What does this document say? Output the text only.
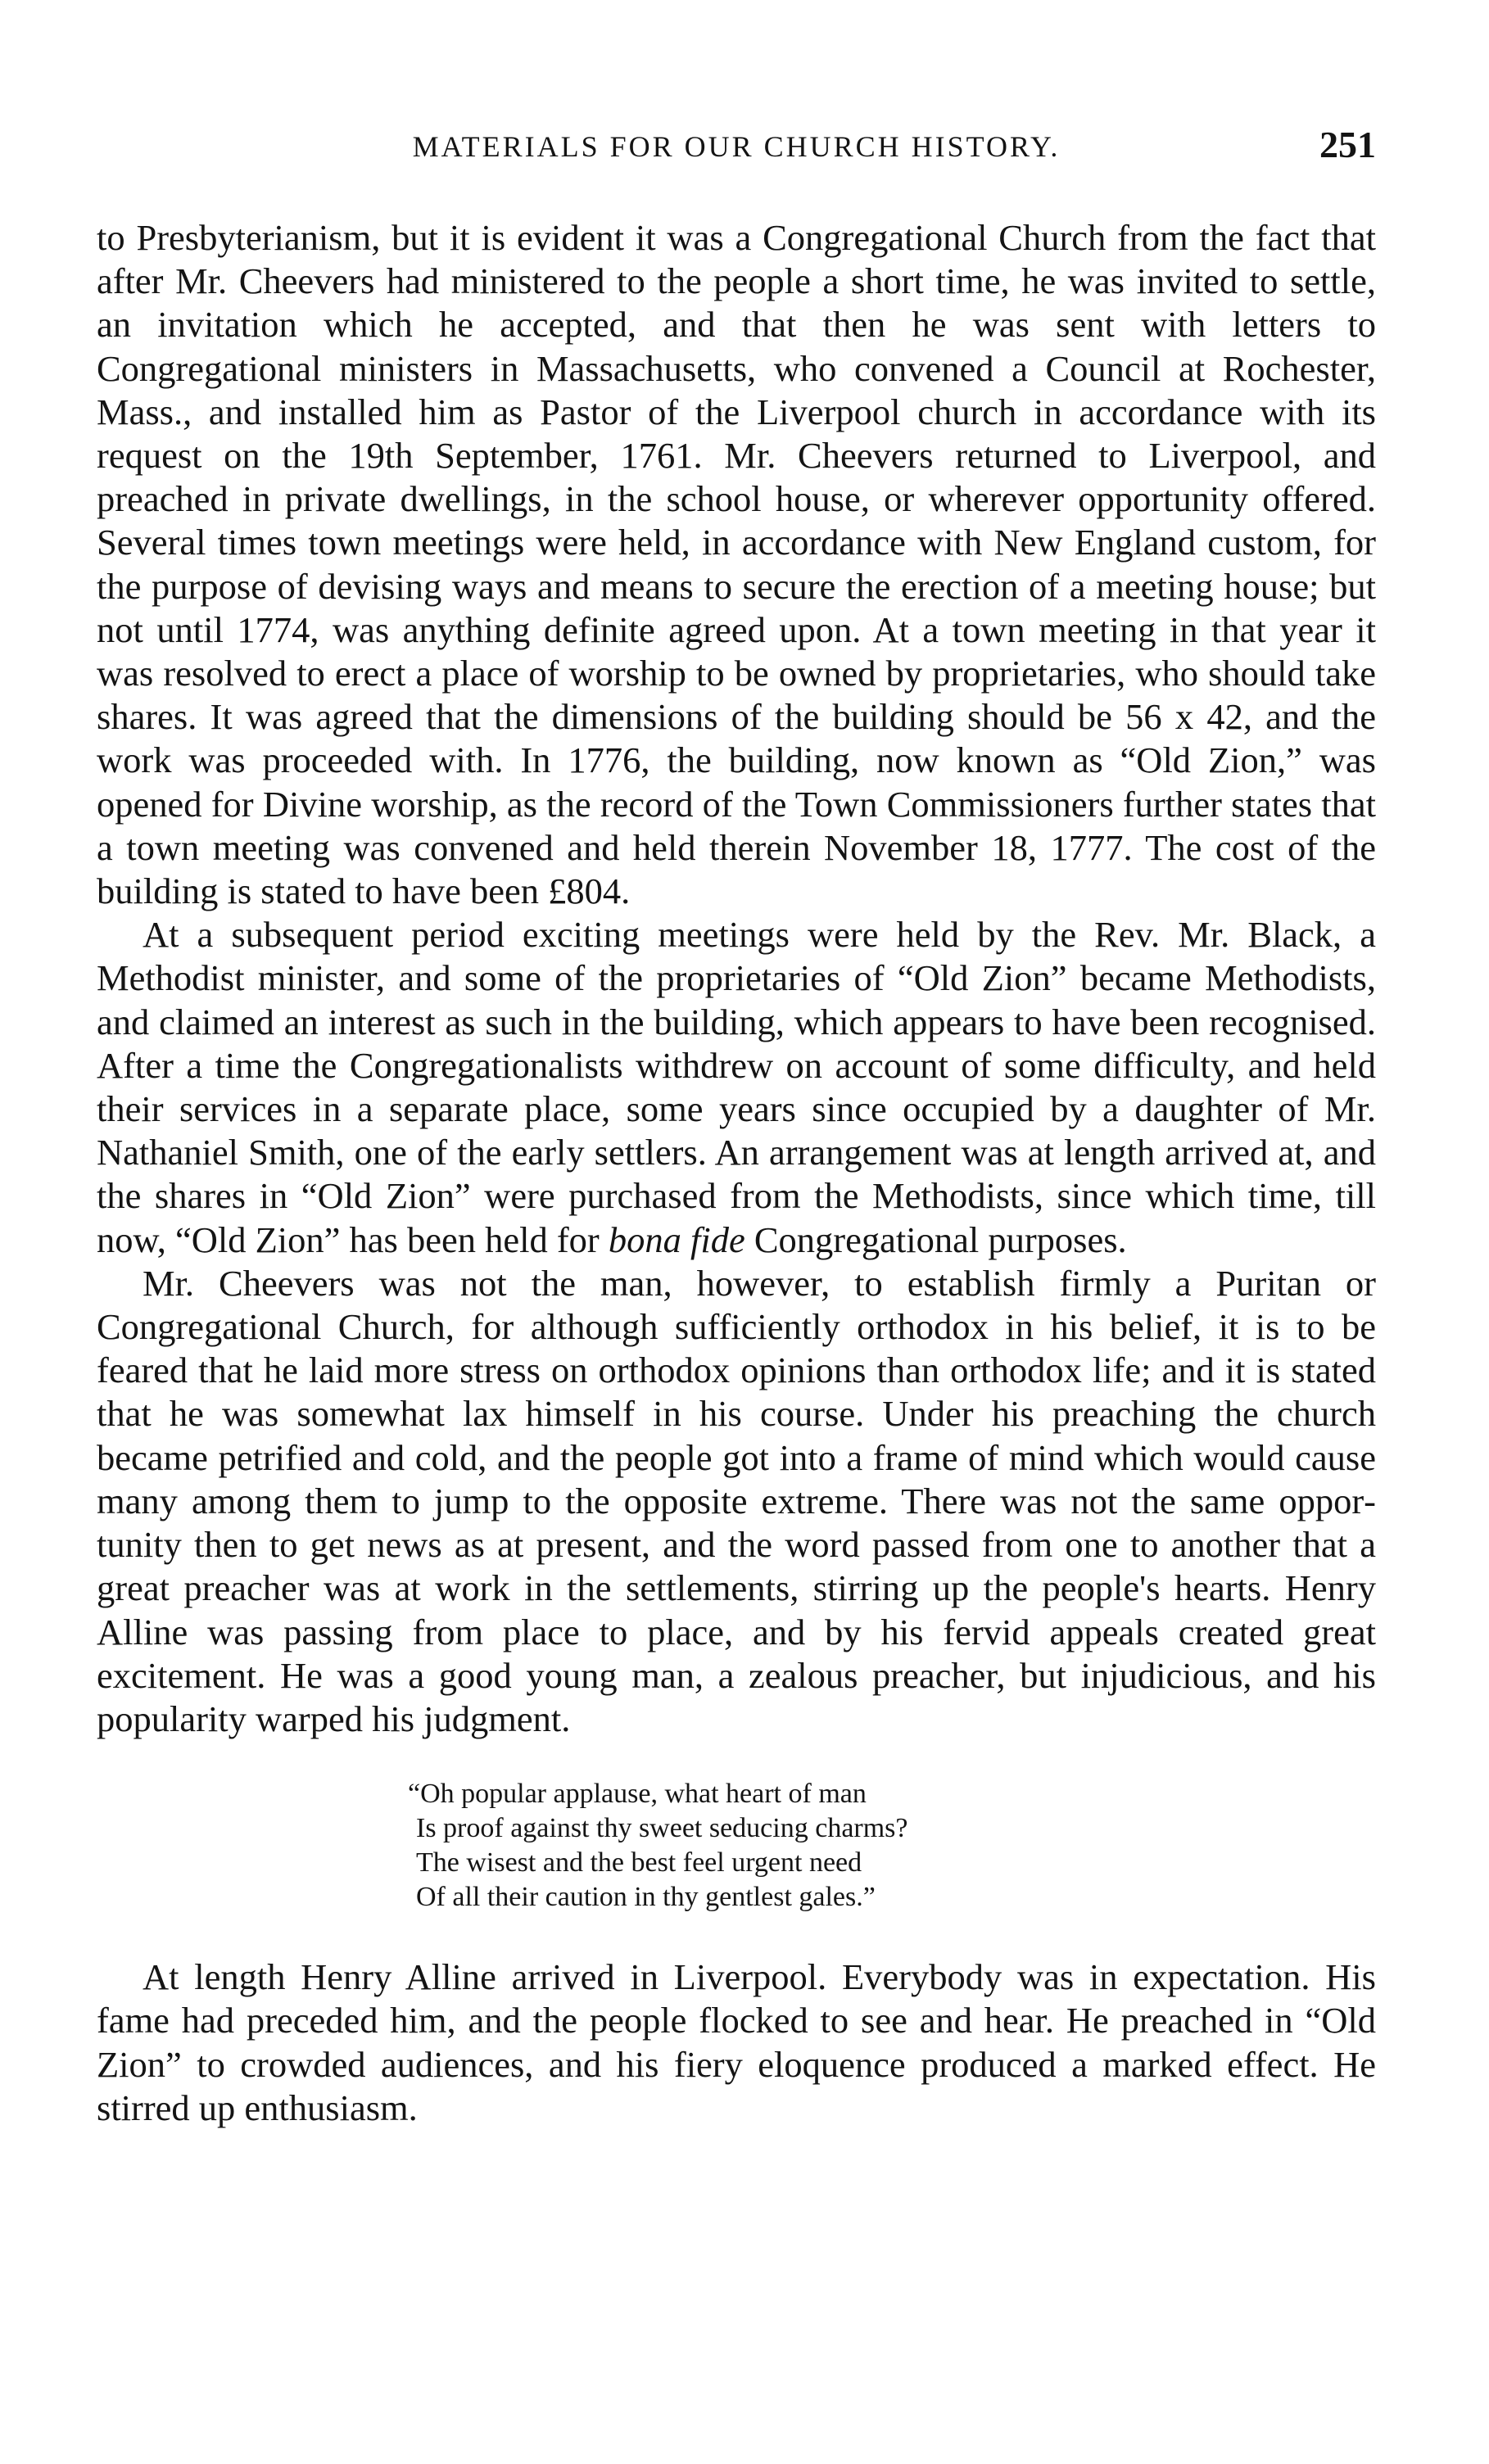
MATERIALS FOR OUR CHURCH HISTORY.	251

to Presbyterianism, but it is evident it was a Congregational Church from the fact that after Mr. Cheevers had ministered to the people a short time, he was invited to settle, an invitation which he accepted, and that then he was sent with letters to Congregational ministers in Massachusetts, who convened a Council at Rochester, Mass., and installed him as Pastor of the Liverpool church in accordance with its request on the 19th September, 1761. Mr. Cheevers returned to Liverpool, and preached in private dwellings, in the school house, or wherever opportunity offered. Several times town meetings were held, in accordance with New England custom, for the purpose of devising ways and means to secure the erection of a meeting house; but not until 1774, was anything definite agreed upon. At a town meeting in that year it was resolved to erect a place of worship to be owned by proprietaries, who should take shares. It was agreed that the dimensions of the building should be 56 x 42, and the work was proceeded with. In 1776, the building, now known as “Old Zion,” was opened for Divine worship, as the record of the Town Commissioners further states that a town meeting was convened and held therein November 18, 1777. The cost of the building is stated to have been £804.

At a subsequent period exciting meetings were held by the Rev. Mr. Black, a Methodist minister, and some of the proprietaries of “Old Zion” became Methodists, and claimed an interest as such in the building, which appears to have been recognised. After a time the Congregationalists withdrew on account of some difficulty, and held their services in a separate place, some years since occupied by a daughter of Mr. Nathaniel Smith, one of the early settlers. An arrangement was at length arrived at, and the shares in “Old Zion” were purchased from the Methodists, since which time, till now, “Old Zion” has been held for bona fide Congregational purposes.

Mr. Cheevers was not the man, however, to establish firmly a Puritan or Congregational Church, for although sufficiently orthodox in his belief, it is to be feared that he laid more stress on orthodox opinions than orthodox life; and it is stated that he was somewhat lax himself in his course. Under his preaching the church became petrified and cold, and the people got into a frame of mind which would cause many among them to jump to the opposite extreme. There was not the same opportunity then to get news as at present, and the word passed from one to another that a great preacher was at work in the settlements, stirring up the people's hearts. Henry Alline was passing from place to place, and by his fervid appeals created great excitement. He was a good young man, a zealous preacher, but injudicious, and his popularity warped his judgment.

“Oh popular applause, what heart of man
Is proof against thy sweet seducing charms?
The wisest and the best feel urgent need
Of all their caution in thy gentlest gales.”

At length Henry Alline arrived in Liverpool. Everybody was in expectation. His fame had preceded him, and the people flocked to see and hear. He preached in “Old Zion” to crowded audiences, and his fiery eloquence produced a marked effect. He stirred up enthusiasm.
